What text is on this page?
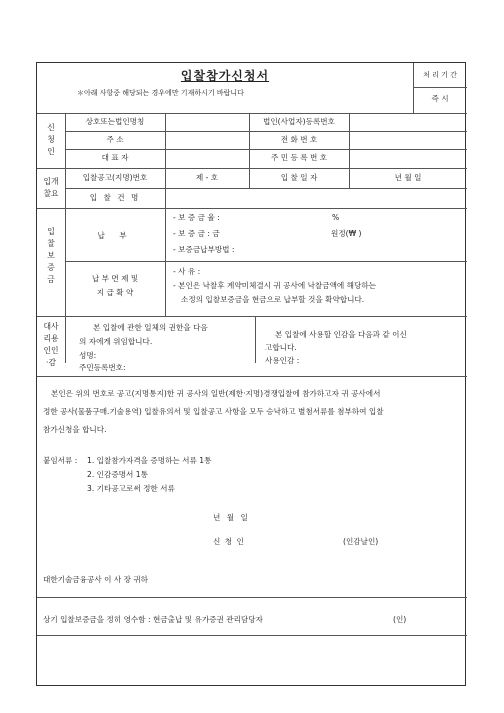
입찰참가신청서
＊아래 사항중 해당되는 경우에만 기재하시기 바랍니다
처 리 기 간
즉 시
신
청
인
상호또는법인명칭	법인(사업자)등록번호
주 소	전 화 번 호
대 표 자	주 민 등 록 번 호
입개
찰요
입찰공고(지명)번호	제 - 호	입 찰 일 자	년 월 일
입 찰 건 명
입
찰
보
증
금
납 부
- 보 증 금 율 :	%
- 보 증 금 : 금	원정(₩ )
- 보증금납부방법 :
납 부 면 제 및
지 급 확 약
- 사 유 :
- 본인은 낙찰후 계약미체결시 귀 공사에 낙찰금액에 해당하는
소정의 입찰보증금을 현금으로 납부할 것을 확약합니다.
대사
리용
인인
·감
본 입찰에 관한 일체의 권한을 다음
의 자에게 위임합니다.
성명:
주민등록번호:
본 입찰에 사용할 인감을 다음과 같 이신
고합니다.
사용인감 :
본인은 위의 번호로 공고(지명통지)한 귀 공사의 일반(제한·지명)경쟁입찰에 참가하고자 귀 공사에서
정한 공사(물품구매.기술용역) 입찰유의서 및 입찰공고 사항을 모두 승낙하고 별첨서류를 첨부하여 입찰
참가신청을 합니다.
붙임서류 : 1. 입찰참가자격을 증명하는 서류 1통
2. 인감증명서 1통
3. 기타공고로써 정한 서류
년 월 일
신 청 인	(인감날인)
대한기술금융공사 이 사 장 귀하
상기 입찰보증금을 정히 영수함 : 현금출납 및 유가증권 관리담당자	(인)
